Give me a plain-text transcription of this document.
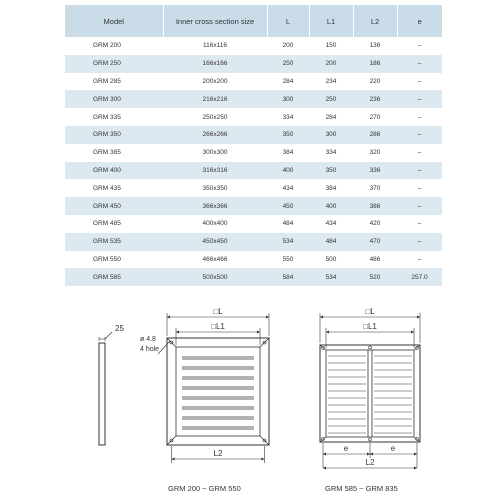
Model	Inner cross section size	L	L1	L2	e
GRM 200	116x116	200	150	136	–
GRM 250	166x166	250	200	186	–
GRM 285	200x200	284	234	220	–
GRM 300	216x216	300	250	236	–
GRM 335	250x250	334	284	270	–
GRM 350	266x266	350	300	286	–
GRM 385	300x300	384	334	320	–
GRM 400	316x316	400	350	336	–
GRM 435	350x350	434	384	370	–
GRM 450	366x366	450	400	386	–
GRM 485	400x400	484	434	420	–
GRM 535	450x450	534	484	470	–
GRM 550	466x466	550	500	486	–
GRM 585	500x500	584	534	520	257.0
25
ø 4.8
4 hole
□L
□L1
L2
□L
□L1
e	e
L2
GRM 200 ~ GRM 550	GRM 585 ~ GRM 835
